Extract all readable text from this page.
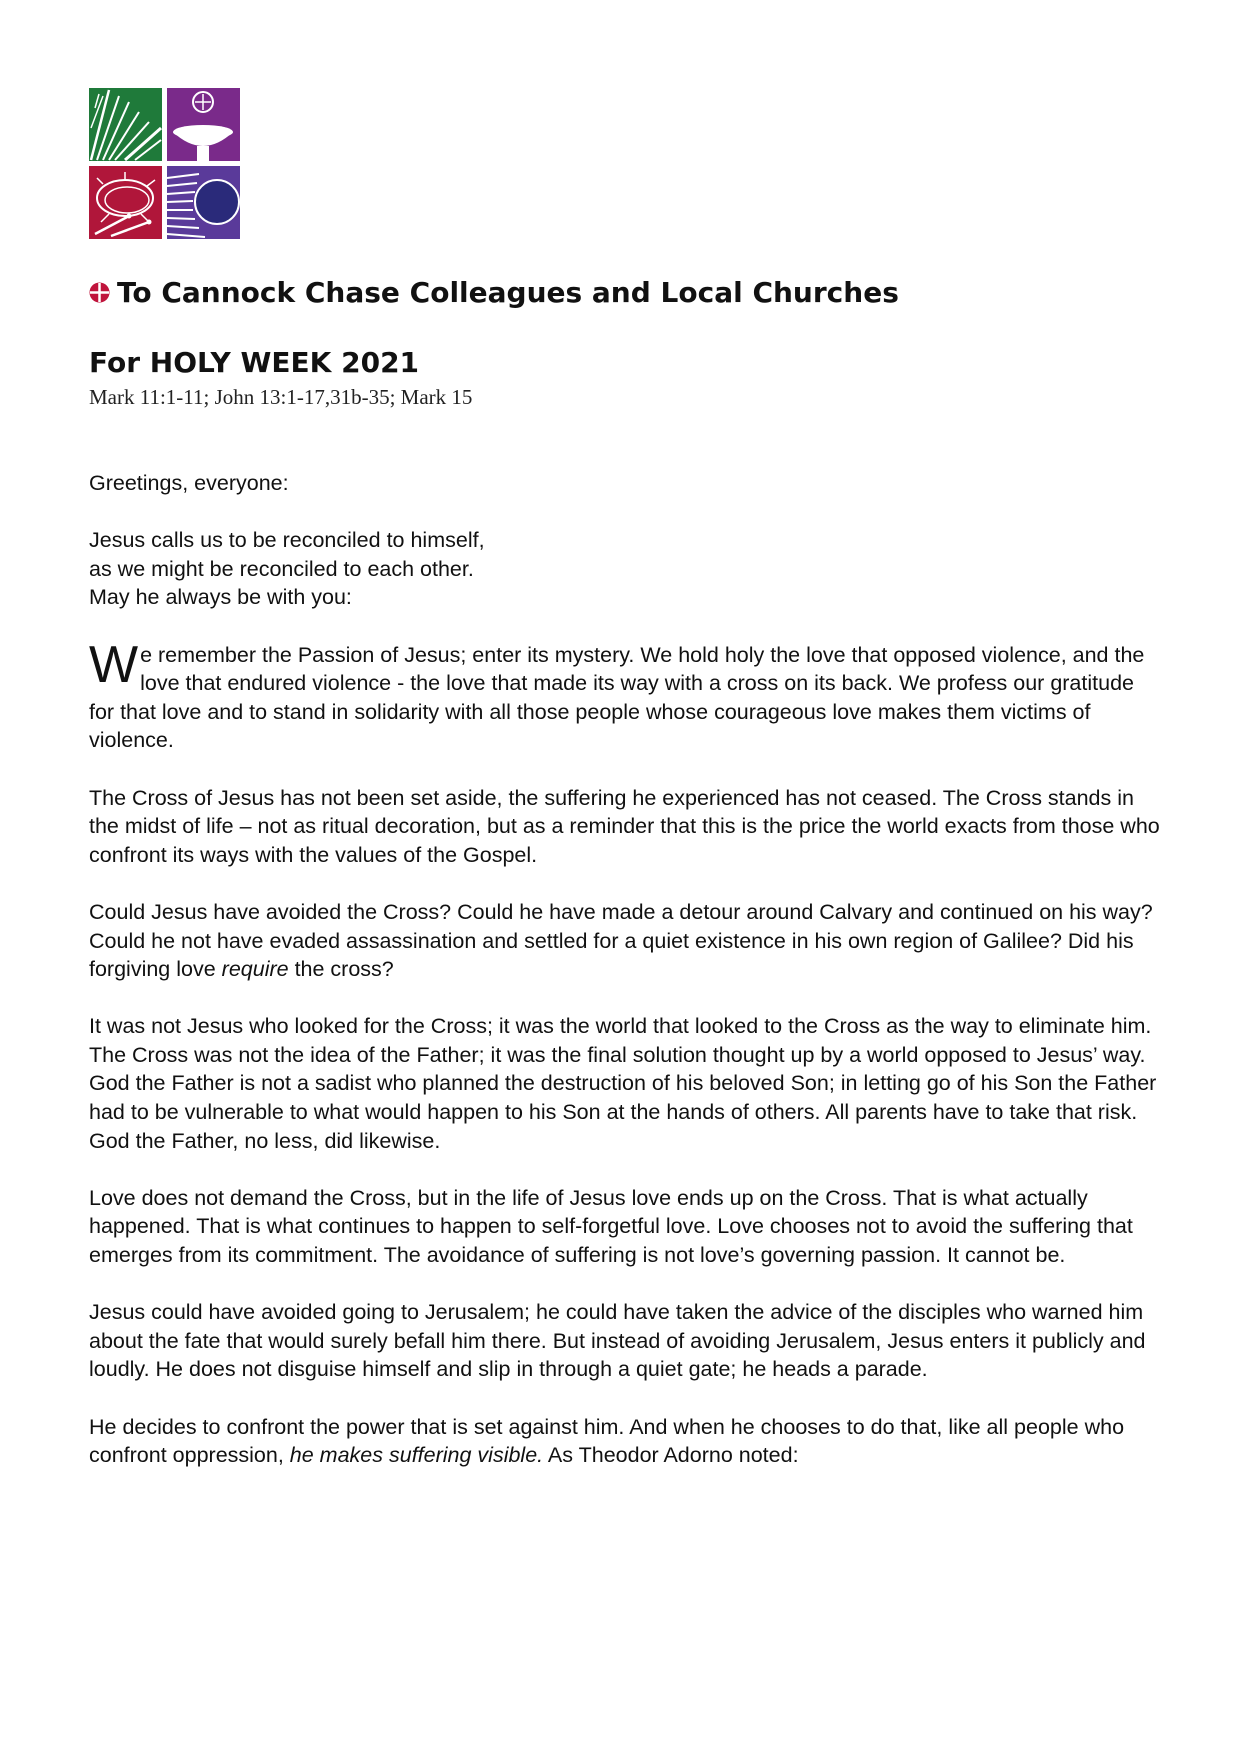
To Cannock Chase Colleagues and Local Churches
For HOLY WEEK 2021
Mark 11:1-11; John 13:1-17,31b-35; Mark 15

Greetings, everyone:

Jesus calls us to be reconciled to himself,
as we might be reconciled to each other.
May he always be with you:

We remember the Passion of Jesus; enter its mystery. We hold holy the love that opposed violence, and the love that endured violence - the love that made its way with a cross on its back. We profess our gratitude for that love and to stand in solidarity with all those people whose courageous love makes them victims of violence.

The Cross of Jesus has not been set aside, the suffering he experienced has not ceased. The Cross stands in the midst of life – not as ritual decoration, but as a reminder that this is the price the world exacts from those who confront its ways with the values of the Gospel.

Could Jesus have avoided the Cross? Could he have made a detour around Calvary and continued on his way? Could he not have evaded assassination and settled for a quiet existence in his own region of Galilee? Did his forgiving love require the cross?

It was not Jesus who looked for the Cross; it was the world that looked to the Cross as the way to eliminate him. The Cross was not the idea of the Father; it was the final solution thought up by a world opposed to Jesus’ way. God the Father is not a sadist who planned the destruction of his beloved Son; in letting go of his Son the Father had to be vulnerable to what would happen to his Son at the hands of others. All parents have to take that risk. God the Father, no less, did likewise.

Love does not demand the Cross, but in the life of Jesus love ends up on the Cross. That is what actually happened. That is what continues to happen to self-forgetful love. Love chooses not to avoid the suffering that emerges from its commitment. The avoidance of suffering is not love’s governing passion. It cannot be.

Jesus could have avoided going to Jerusalem; he could have taken the advice of the disciples who warned him about the fate that would surely befall him there. But instead of avoiding Jerusalem, Jesus enters it publicly and loudly. He does not disguise himself and slip in through a quiet gate; he heads a parade.

He decides to confront the power that is set against him. And when he chooses to do that, like all people who confront oppression, he makes suffering visible. As Theodor Adorno noted:
